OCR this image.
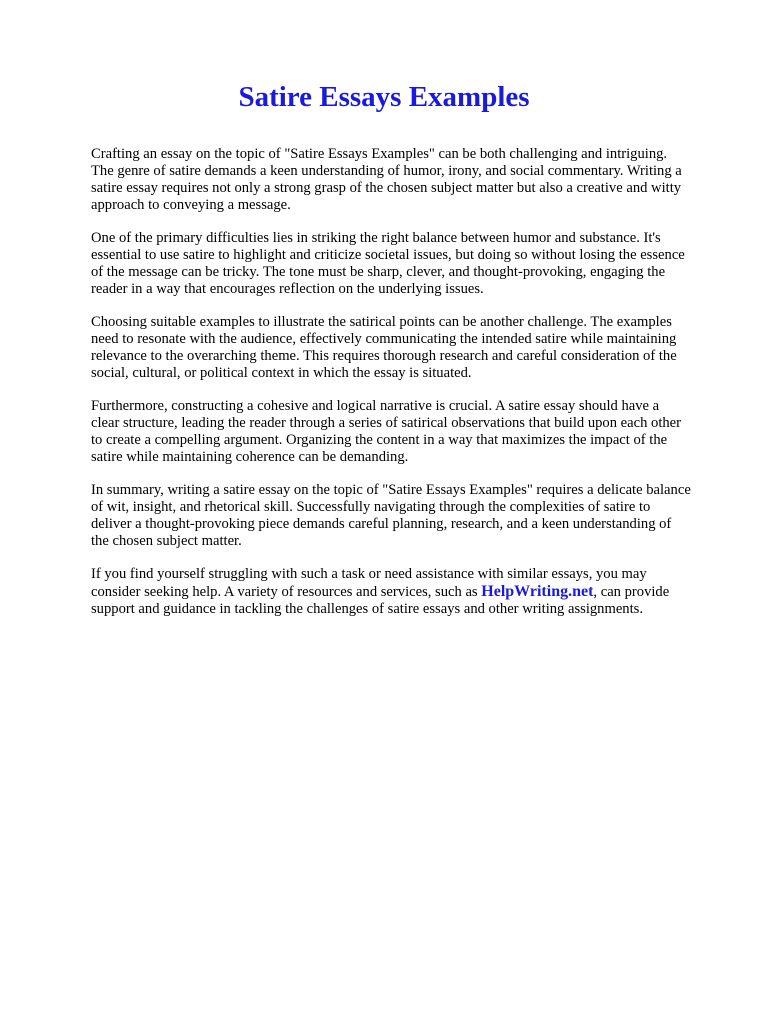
Satire Essays Examples

Crafting an essay on the topic of "Satire Essays Examples" can be both challenging and intriguing. The genre of satire demands a keen understanding of humor, irony, and social commentary. Writing a satire essay requires not only a strong grasp of the chosen subject matter but also a creative and witty approach to conveying a message.

One of the primary difficulties lies in striking the right balance between humor and substance. It's essential to use satire to highlight and criticize societal issues, but doing so without losing the essence of the message can be tricky. The tone must be sharp, clever, and thought-provoking, engaging the reader in a way that encourages reflection on the underlying issues.

Choosing suitable examples to illustrate the satirical points can be another challenge. The examples need to resonate with the audience, effectively communicating the intended satire while maintaining relevance to the overarching theme. This requires thorough research and careful consideration of the social, cultural, or political context in which the essay is situated.

Furthermore, constructing a cohesive and logical narrative is crucial. A satire essay should have a clear structure, leading the reader through a series of satirical observations that build upon each other to create a compelling argument. Organizing the content in a way that maximizes the impact of the satire while maintaining coherence can be demanding.

In summary, writing a satire essay on the topic of "Satire Essays Examples" requires a delicate balance of wit, insight, and rhetorical skill. Successfully navigating through the complexities of satire to deliver a thought-provoking piece demands careful planning, research, and a keen understanding of the chosen subject matter.

If you find yourself struggling with such a task or need assistance with similar essays, you may consider seeking help. A variety of resources and services, such as HelpWriting.net, can provide support and guidance in tackling the challenges of satire essays and other writing assignments.
